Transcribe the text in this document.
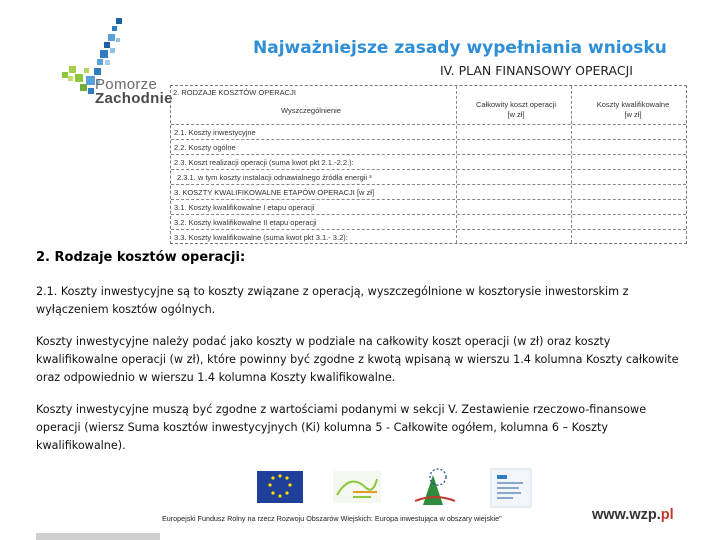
Pomorze
Zachodnie
Najważniejsze zasady wypełniania wniosku
IV. PLAN FINANSOWY OPERACJI
2. RODZAJE KOSZTÓW OPERACJI
Wyszczególnienie
Całkowity koszt operacji
[w zł]
Koszty kwalifikowalne
[w zł]
2.1. Koszty inwestycyjne
2.2. Koszty ogólne
2.3. Koszt realizacji operacji (suma kwot pkt 2.1.-2.2.):
2.3.1. w tym koszty instalacji odnawialnego źródła energii ³
3. KOSZTY KWALIFIKOWALNE ETAPÓW OPERACJI [w zł]
3.1. Koszty kwalifikowalne I etapu operacji
3.2. Koszty kwalifikowalne II etapu operacji
3.3. Koszty kwalifikowalne (suma kwot pkt 3.1.- 3.2):
2. Rodzaje kosztów operacji:

2.1. Koszty inwestycyjne są to koszty związane z operacją, wyszczególnione w kosztorysie inwestorskim z wyłączeniem kosztów ogólnych.

Koszty inwestycyjne należy podać jako koszty w podziale na całkowity koszt operacji (w zł) oraz koszty kwalifikowalne operacji (w zł), które powinny być zgodne z kwotą wpisaną w wierszu 1.4 kolumna Koszty całkowite oraz odpowiednio w wierszu 1.4 kolumna Koszty kwalifikowalne.

Koszty inwestycyjne muszą być zgodne z wartościami podanymi w sekcji V. Zestawienie rzeczowo-finansowe operacji (wiersz Suma kosztów inwestycyjnych (Ki) kolumna 5 - Całkowite ogółem, kolumna 6 – Koszty kwalifikowalne).

Europejski Fundusz Rolny na rzecz Rozwoju Obszarów Wiejskich: Europa inwestująca w obszary wiejskie"	www.wzp.pl
